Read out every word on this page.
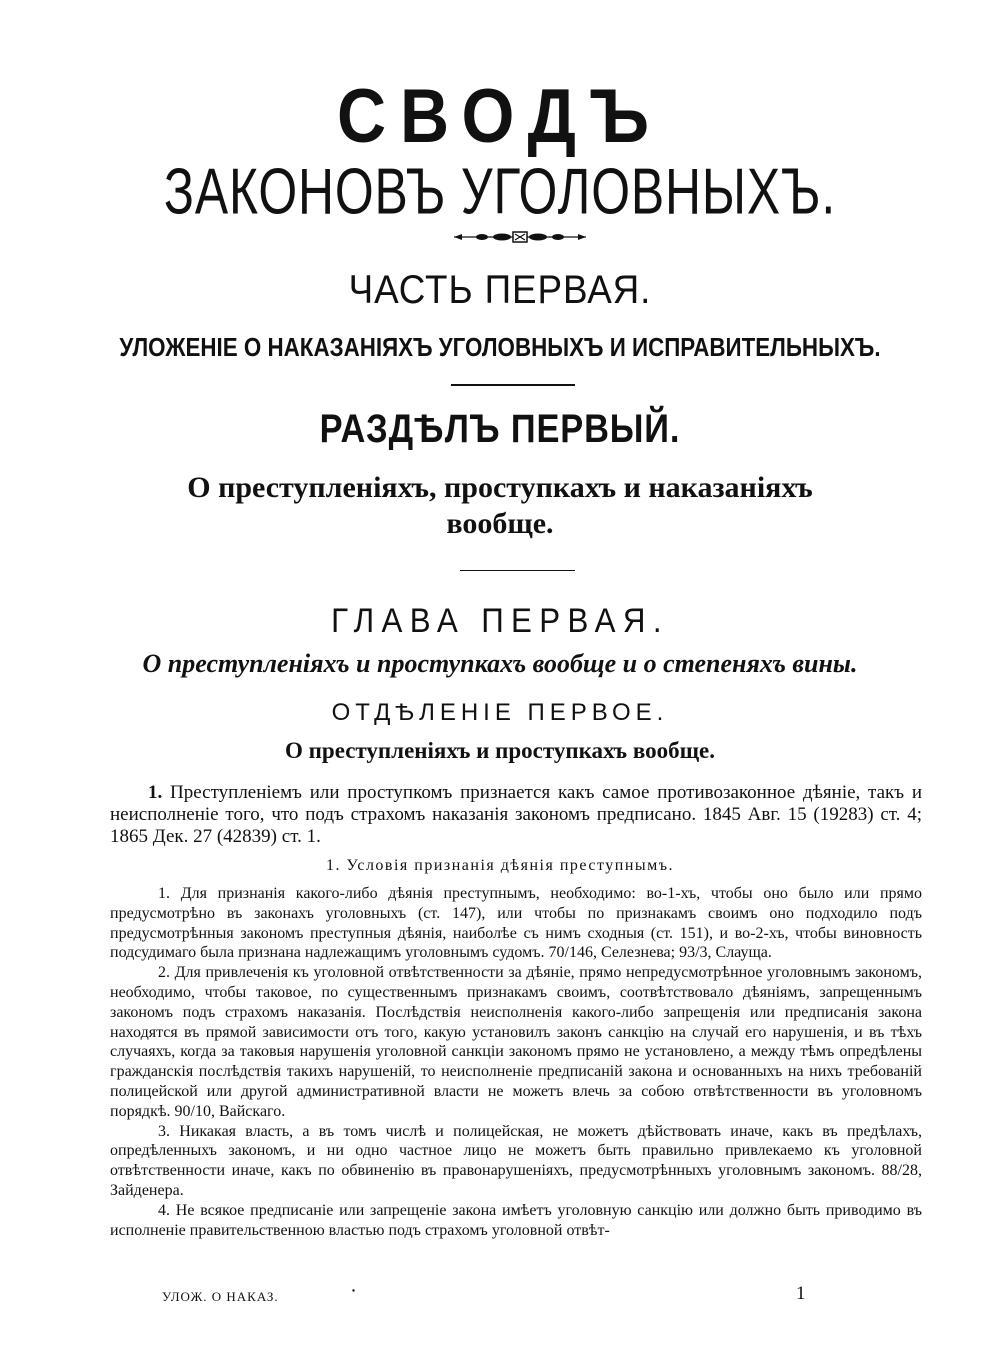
СВОДЪ
ЗАКОНОВЪ УГОЛОВНЫХЪ.
ЧАСТЬ ПЕРВАЯ.
УЛОЖЕНІЕ О НАКАЗАНІЯХЪ УГОЛОВНЫХЪ И ИСПРАВИТЕЛЬНЫХЪ.
РАЗДѢЛЪ ПЕРВЫЙ.
О преступленіяхъ, проступкахъ и наказаніяхъ
вообще.
ГЛАВА ПЕРВАЯ.
О преступленіяхъ и проступкахъ вообще и о степеняхъ вины.
ОТДѢЛЕНІЕ ПЕРВОЕ.
О преступленіяхъ и проступкахъ вообще.
1. Преступленіемъ или проступкомъ признается какъ самое противозаконное дѣяніе, такъ и неисполненіе того, что подъ страхомъ наказанія закономъ предписано. 1845 Авг. 15 (19283) ст. 4; 1865 Дек. 27 (42839) ст. 1.
1. Условія признанія дѣянія преступнымъ.

1. Для признанія какого-либо дѣянія преступнымъ, необходимо: во-1-хъ, чтобы оно было или прямо предусмотрѣно въ законахъ уголовныхъ (ст. 147), или чтобы по признакамъ своимъ оно подходило подъ предусмотрѣнныя закономъ преступныя дѣянія, наиболѣе съ нимъ сходныя (ст. 151), и во-2-хъ, чтобы виновность подсудимаго была признана надлежащимъ уголовнымъ судомъ. 70/146, Селезнева; 93/3, Слауща.

2. Для привлеченія къ уголовной отвѣтственности за дѣяніе, прямо непредусмотрѣнное уголовнымъ закономъ, необходимо, чтобы таковое, по существеннымъ признакамъ своимъ, соотвѣтствовало дѣяніямъ, запрещеннымъ закономъ подъ страхомъ наказанія. Послѣдствія неисполненія какого-либо запрещенія или предписанія закона находятся въ прямой зависимости отъ того, какую установилъ законъ санкцію на случай его нарушенія, и въ тѣхъ случаяхъ, когда за таковыя нарушенія уголовной санкціи закономъ прямо не установлено, а между тѣмъ опредѣлены гражданскія послѣдствія такихъ нарушеній, то неисполненіе предписаній закона и основанныхъ на нихъ требованій полицейской или другой административной власти не можетъ влечь за собою отвѣтственности въ уголовномъ порядкѣ. 90/10, Вайскаго.

3. Никакая власть, а въ томъ числѣ и полицейская, не можетъ дѣйствовать иначе, какъ въ предѣлахъ, опредѣленныхъ закономъ, и ни одно частное лицо не можетъ быть правильно привлекаемо къ уголовной отвѣтственности иначе, какъ по обвиненію въ правонарушеніяхъ, предусмотрѣнныхъ уголовнымъ закономъ. 88/28, Зайденера.

4. Не всякое предписаніе или запрещеніе закона имѣетъ уголовную санкцію или должно быть приводимо въ исполненіе правительственною властью подъ страхомъ уголовной отвѣт-

УЛОЖ. О НАКАЗ.	1
